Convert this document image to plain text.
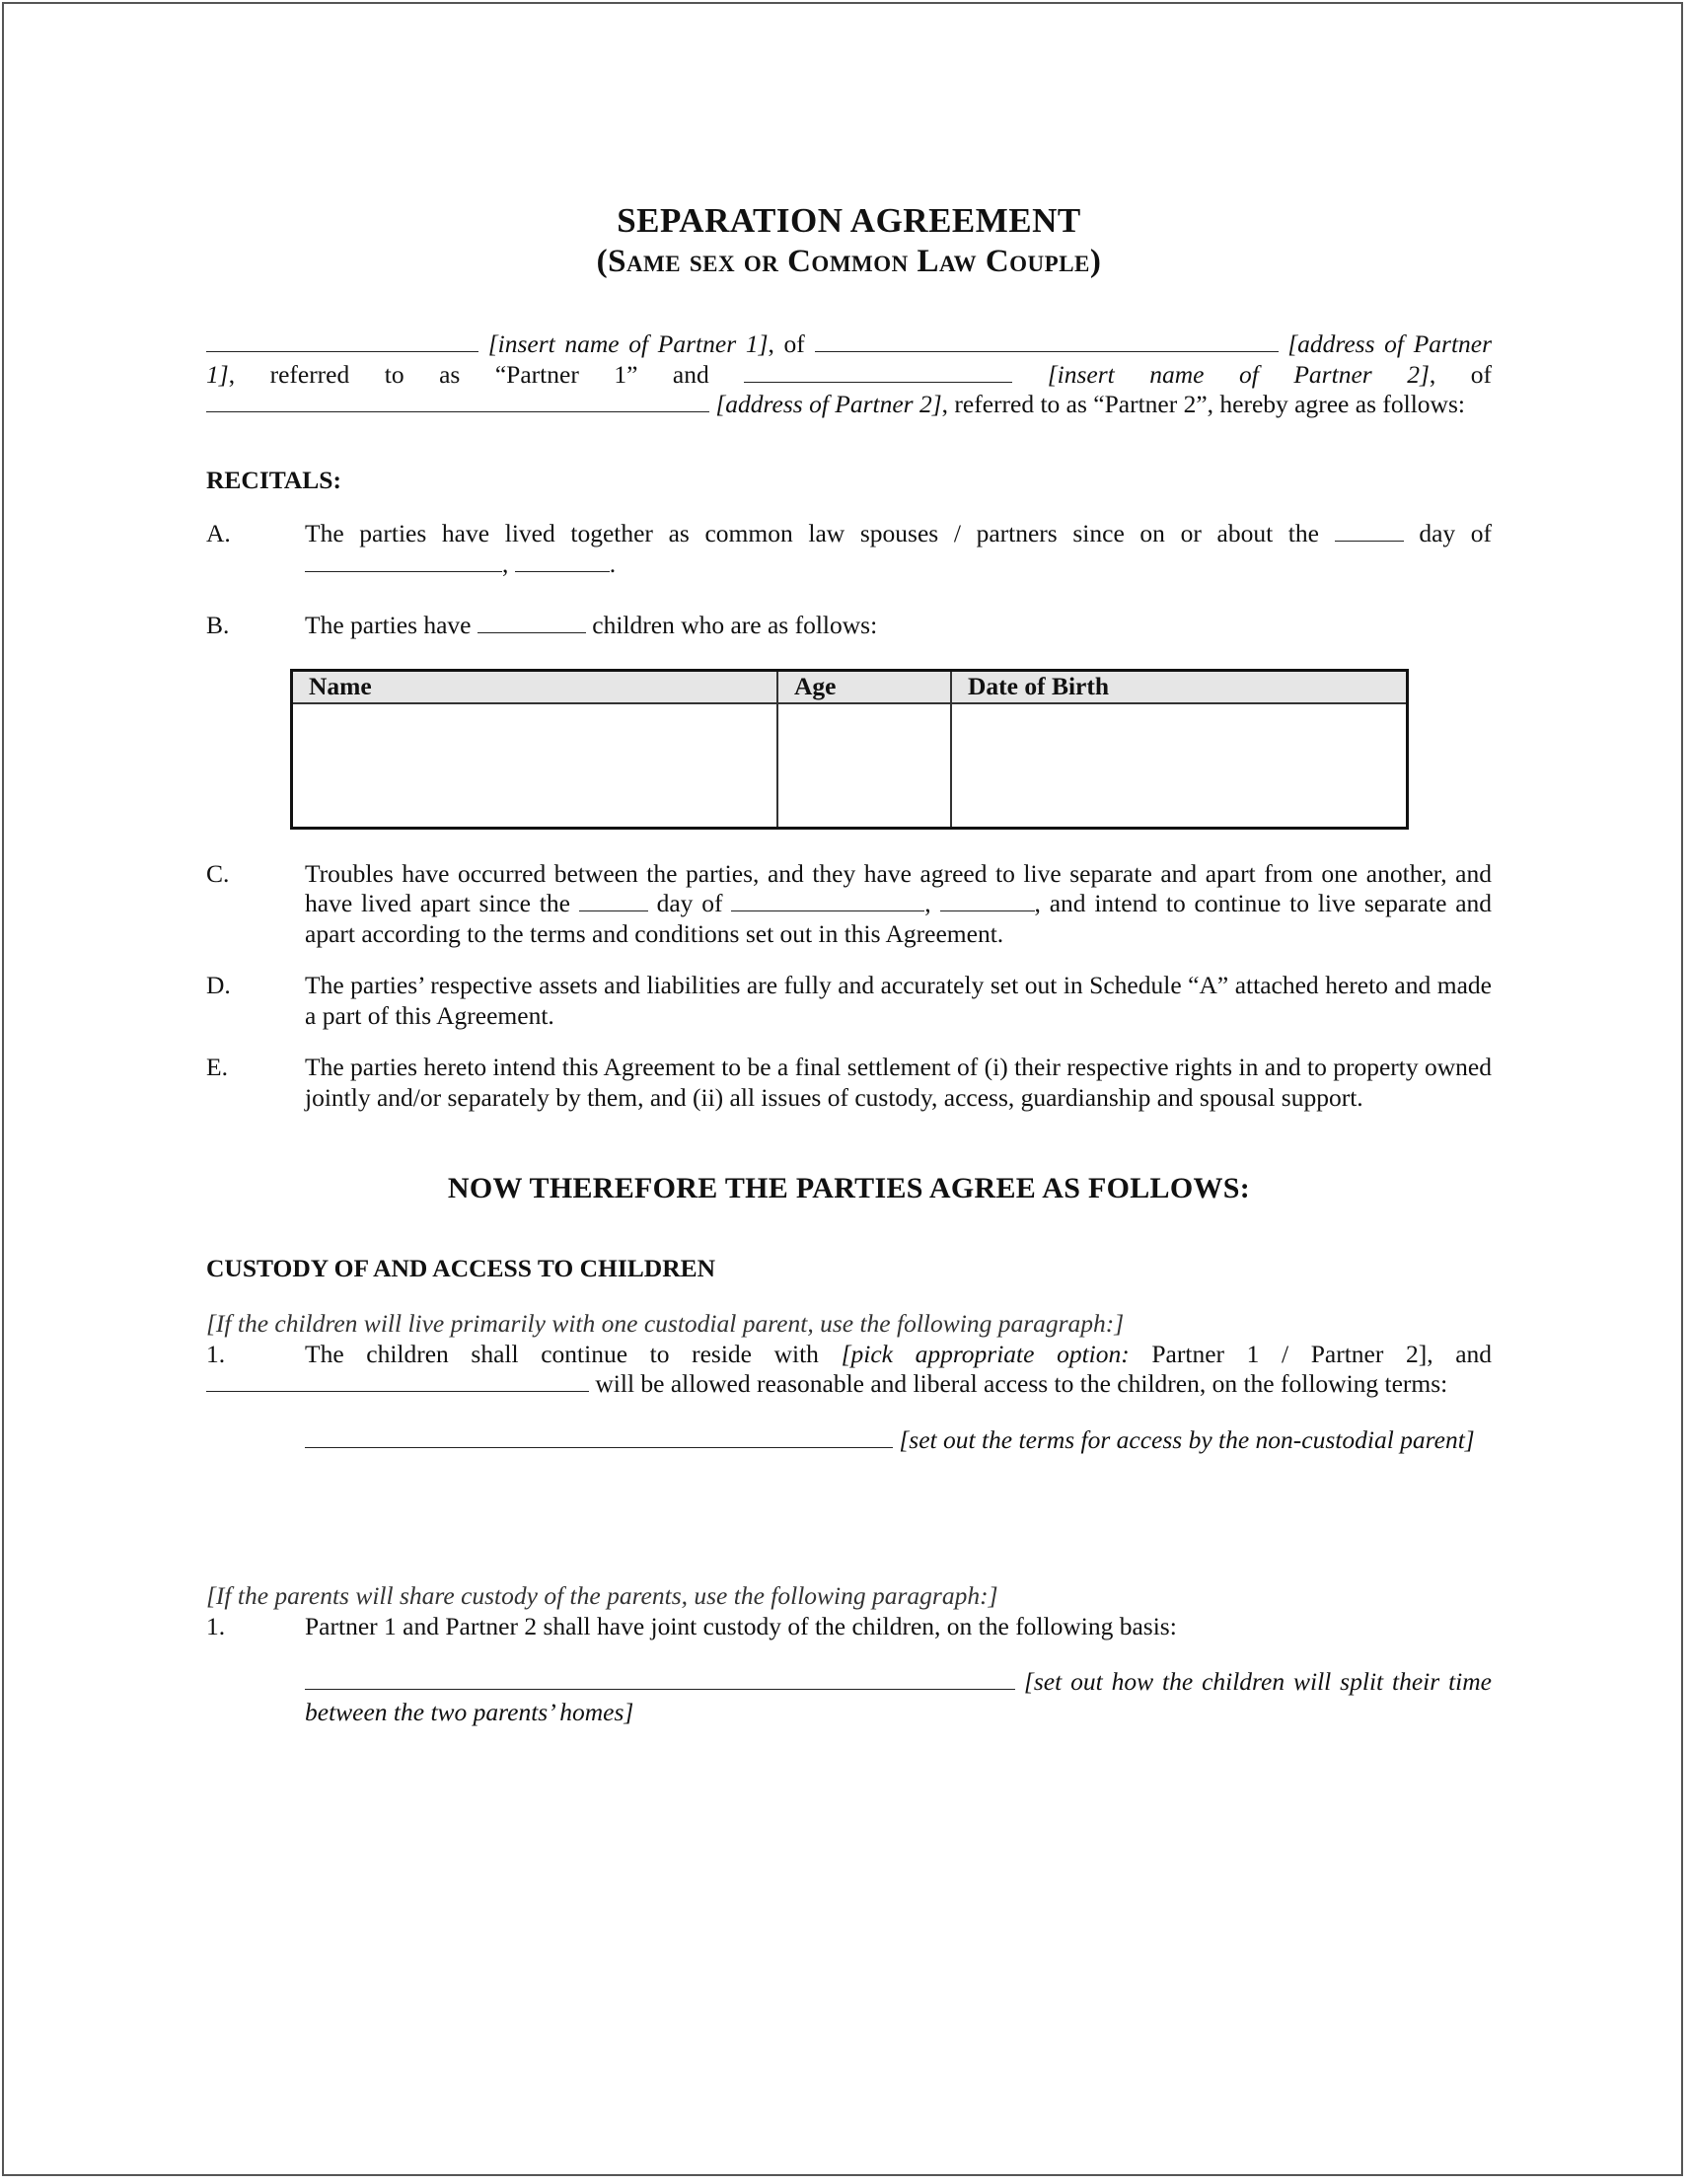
SEPARATION AGREEMENT
(Same sex or Common Law Couple)
[insert name of Partner 1], of	[address of Partner 1], referred to as “Partner 1” and	[insert name of Partner 2], of  [address of Partner 2], referred to as “Partner 2”, hereby agree as follows:
RECITALS:
A.	The parties have lived together as common law spouses / partners since on or about the	day of ,	.
B.	The parties have	children who are as follows:
Name	Age	Date of Birth

C.	Troubles have occurred between the parties, and they have agreed to live separate and apart from one another, and have lived apart since the	day of	,	, and intend to continue to live separate and apart according to the terms and conditions set out in this Agreement.
D.	The parties’ respective assets and liabilities are fully and accurately set out in Schedule “A” attached hereto and made a part of this Agreement.
E.	The parties hereto intend this Agreement to be a final settlement of (i) their respective rights in and to property owned jointly and/or separately by them, and (ii) all issues of custody, access, guardianship and spousal support.
NOW THEREFORE THE PARTIES AGREE AS FOLLOWS:
CUSTODY OF AND ACCESS TO CHILDREN
[If the children will live primarily with one custodial parent, use the following paragraph:]
1.	The children shall continue to reside with [pick appropriate option: Partner 1 / Partner 2], and  will be allowed reasonable and liberal access to the children, on the following terms:
[set out the terms for access by the non-custodial parent]
[If the parents will share custody of the parents, use the following paragraph:]
1.	Partner 1 and Partner 2 shall have joint custody of the children, on the following basis:
[set out how the children will split their time between the two parents’ homes]
